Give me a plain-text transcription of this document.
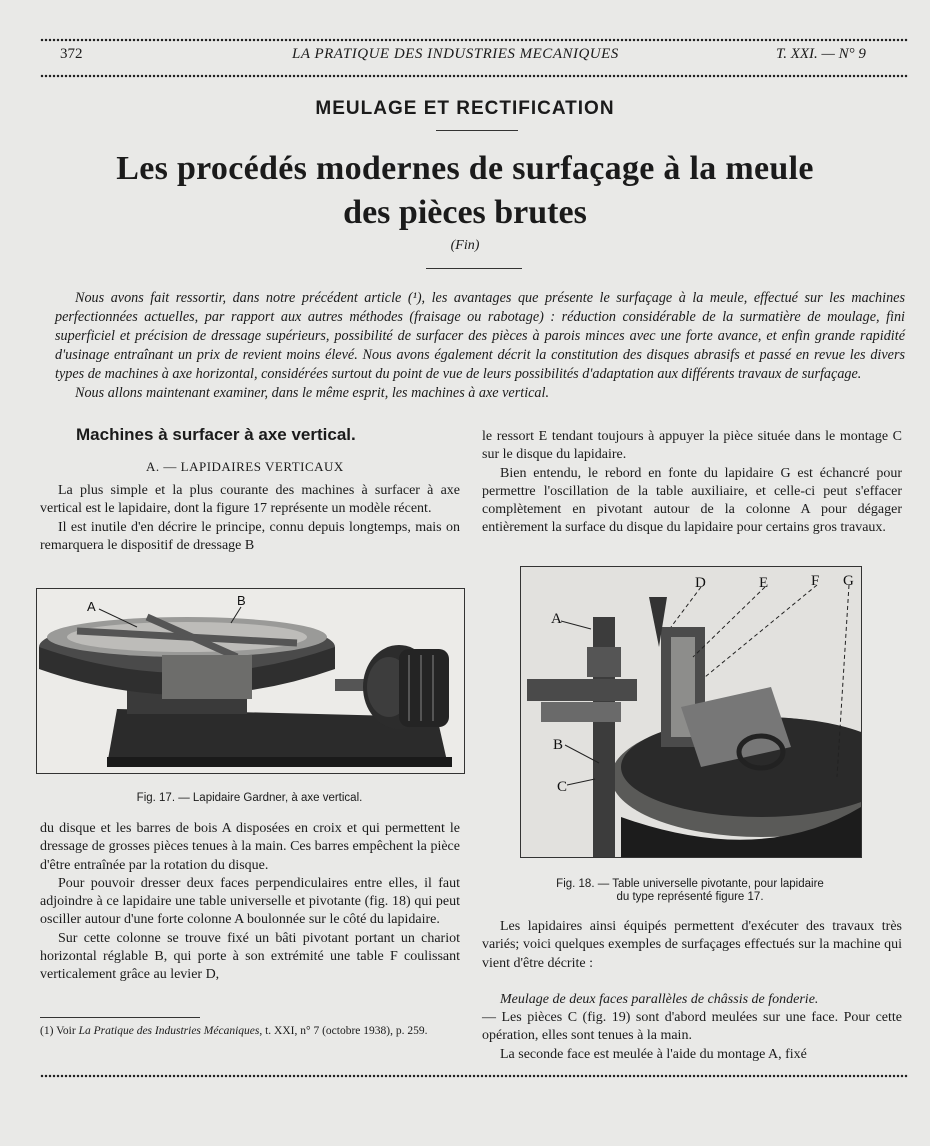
372	LA PRATIQUE DES INDUSTRIES MECANIQUES	T. XXI. — N° 9
MEULAGE ET RECTIFICATION
Les procédés modernes de surfaçage à la meule
des pièces brutes
(Fin)

Nous avons fait ressortir, dans notre précédent article (¹), les avantages que présente le surfaçage à la meule, effectué sur les machines perfectionnées actuelles, par rapport aux autres méthodes (fraisage ou rabotage) : réduction considérable de la surmatière de moulage, fini superficiel et précision de dressage supérieurs, possibilité de surfacer des pièces à parois minces avec une forte avance, et enfin grande rapidité d'usinage entraînant un prix de revient moins élevé. Nous avons également décrit la constitution des disques abrasifs et passé en revue les divers types de machines à axe horizontal, considérées surtout du point de vue de leurs possibilités d'adaptation aux différents travaux de surfaçage.

Nous allons maintenant examiner, dans le même esprit, les machines à axe vertical.

Machines à surfacer à axe vertical.
A. — LAPIDAIRES VERTICAUX

La plus simple et la plus courante des machines à surfacer à axe vertical est le lapidaire, dont la figure 17 représente un modèle récent.

Il est inutile d'en décrire le principe, connu depuis longtemps, mais on remarquera le dispositif de dressage B

A	B
Fig. 17. — Lapidaire Gardner, à axe vertical.

du disque et les barres de bois A disposées en croix et qui permettent le dressage de grosses pièces tenues à la main. Ces barres empêchent la pièce d'être entraînée par la rotation du disque.

Pour pouvoir dresser deux faces perpendiculaires entre elles, il faut adjoindre à ce lapidaire une table universelle et pivotante (fig. 18) qui peut osciller autour d'une forte colonne A boulonnée sur le côté du lapidaire.

Sur cette colonne se trouve fixé un bâti pivotant portant un chariot horizontal réglable B, qui porte à son extrémité une table F coulissant verticalement grâce au levier D,

(1) Voir La Pratique des Industries Mécaniques, t. XXI, n° 7 (octobre 1938), p. 259.

le ressort E tendant toujours à appuyer la pièce située dans le montage C sur le disque du lapidaire.

Bien entendu, le rebord en fonte du lapidaire G est échancré pour permettre l'oscillation de la table auxiliaire, et celle-ci peut s'effacer complètement en pivotant autour de la colonne A pour dégager entièrement la surface du disque du lapidaire pour certains gros travaux.

A
B
C
D	E	F G
Fig. 18. — Table universelle pivotante, pour lapidaire
du type représenté figure 17.

Les lapidaires ainsi équipés permettent d'exécuter des travaux très variés; voici quelques exemples de surfaçages effectués sur la machine qui vient d'être décrite :

Meulage de deux faces parallèles de châssis de fonderie.

— Les pièces C (fig. 19) sont d'abord meulées sur une face. Pour cette opération, elles sont tenues à la main.

La seconde face est meulée à l'aide du montage A, fixé
